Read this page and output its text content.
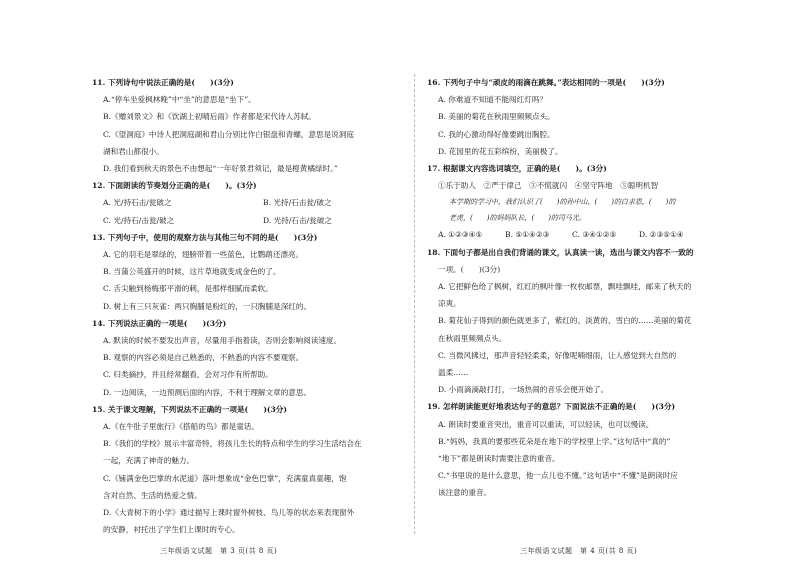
11. 下列诗句中说法正确的是(　　)(3分)

A.“停车坐爱枫林晚”中“坐”的意思是“坐下”。

B.《赠刘景文》和《饮湖上初晴后雨》作者都是宋代诗人苏轼。

C.《望洞庭》中诗人把洞庭湖和君山分别比作白银盘和青螺，意思是说洞庭

湖和君山都很小。

D. 我们看到秋天的景色不由想起“一年好景君须记，最是橙黄橘绿时。”

12. 下面朗读的节奏划分正确的是(　　)。(3分)

A. 光/持石击/瓮破之	B. 光持/石击瓮/破之
C. 光/持石/击瓮/破之	D. 光持/石击/瓮破之

13. 下列句子中，使用的观察方法与其他三句不同的是(　　)(3分)

A. 它的羽毛是翠绿的，翅膀带着一些蓝色，比鹦鹉还漂亮。

B. 当蒲公英盛开的时候，这片草地就变成金色的了。

C. 舌尖触到杨梅那平滑的刺，是那样细腻而柔软。

D. 树上有三只灰雀：两只胸脯是粉红的，一只胸脯是深红的。

14. 下列说法正确的一项是(　　)(3分)

A. 默读的时候不要发出声音，尽量用手指着读，否则会影响阅读速度。

B. 观察的内容必须是自己熟悉的，不熟悉的内容不要观察。

C. 归类摘抄，并且经常翻看，会对习作有所帮助。

D. 一边阅读，一边预测后面的内容，不利于理解文章的意思。

15. 关于课文理解，下列说法不正确的一项是(　　)(3分)

A.《在牛肚子里旅行》《搭船的鸟》都是童话。

B.《我们的学校》展示丰富奇特，将孩儿生长的特点和学生的学习生活结合在

一起，充满了神奇的魅力。

C.《铺满金色巴掌的水泥道》落叶想象成“金色巴掌”，充满童真童趣，饱

含对自然、生活的热爱之情。

D.《大青树下的小学》通过描写上课时窗外树枝、鸟儿等的状态来表现窗外

的安静，衬托出了学生们上课时的专心。

16. 下列句子中与“顽皮的雨滴在跳舞。”表达相同的一项是(　　)(3分)

A. 你难道不知道不能闯红灯吗？

B. 美丽的菊花在秋雨里频频点头。

C. 我的心激动得好像要跳出胸腔。

D. 花园里的花五彩缤纷，美丽极了。

17. 根据课文内容选词填空，正确的是(　　)。(3分)

①乐于助人　②严于律己　③不慌就闪　④坚守阵地　⑤聪明机智

本学期的学习中，我们认识了(　　)的孙中山，(　　)的白求恩，(　　)的

老虎，(　　)的妈妈队长，(　　)的司马光。

A. ①②③④⑤	B. ⑤①④②③	C. ③④①②⑤	D. ②③⑤①④

18. 下面句子都是出自我们背诵的课文，认真读一读，选出与课文内容不一致的

一项。(　　)(3分)

A. 它把鲜色给了枫树，红红的枫叶像一枚枚邮票，飘哇飘哇，邮来了秋天的

凉爽。

B. 菊花仙子得到的颜色就更多了，紫红的、淡黄的、雪白的……美丽的菊花

在秋雨里频频点头。

C. 当微风拂过，那声音轻轻柔柔，好像呢喃细雨，让人感觉到大自然的

温柔……

D. 小雨滴滴敲打打，一场热闹的音乐会便开始了。

19. 怎样朗读能更好地表达句子的意思？下面说法不正确的是(　　)(3分)

A. 朗读时要重音突出，重音可以重读，可以轻读，也可以慢读。

B.“妈妈，我真的要那些花朵是在地下的学校里上学。”这句话中“真的”

“地下”都是朗读时需要注意的重音。

C.“书里说的是什么意思，他一点儿也不懂。”这句话中“不懂”是朗读时应

该注意的重音。

三年级语文试题　第 3 页(共 8 页)	三年级语文试题　第 4 页(共 8 页)
